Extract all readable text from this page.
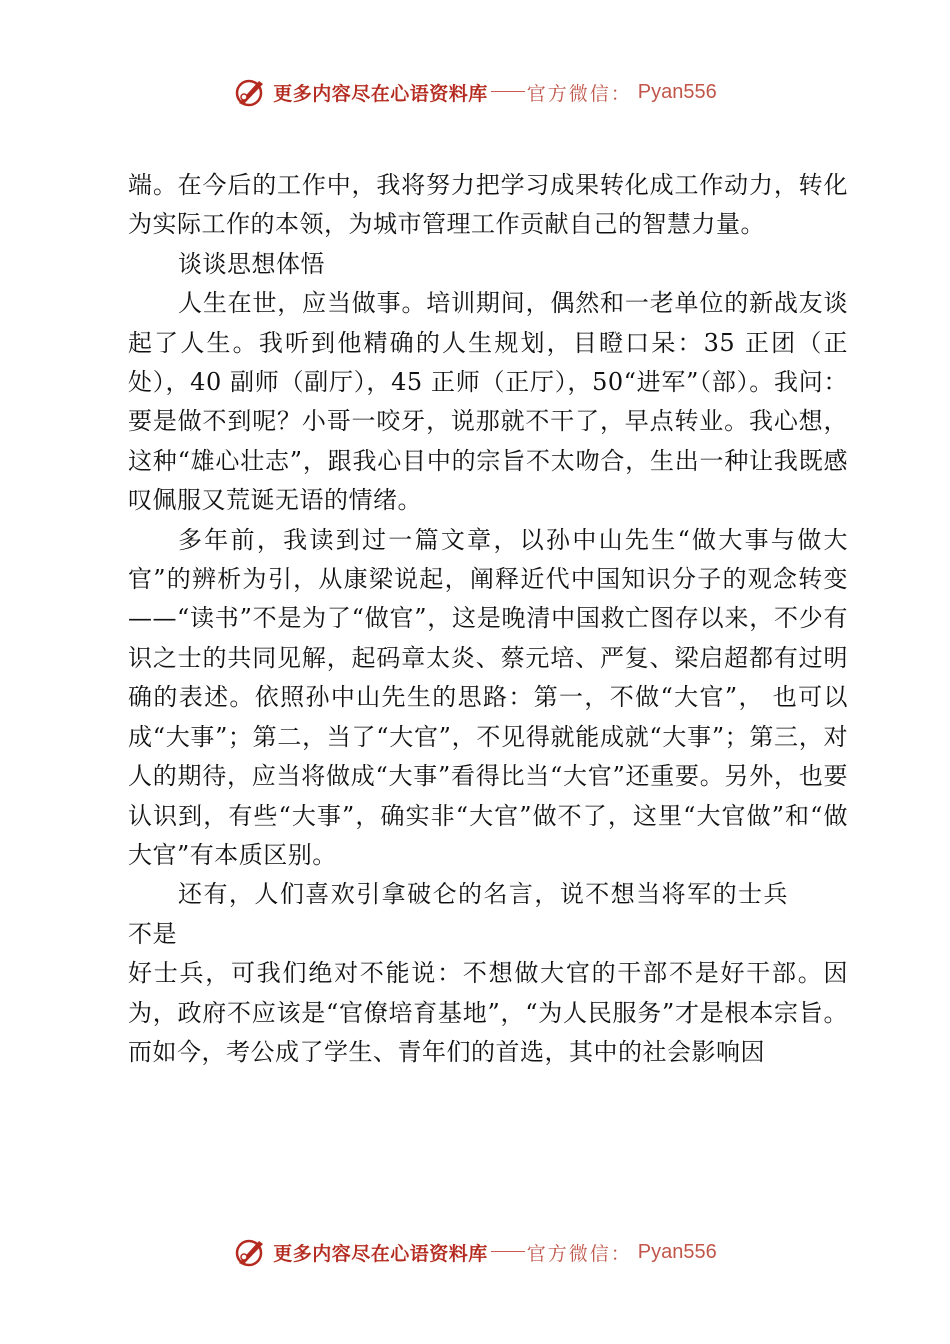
更多内容尽在心语资料库 官方微信： Pyan556

端。在今后的工作中，我将努力把学习成果转化成工作动力，转化为实际工作的本领，为城市管理工作贡献自己的智慧力量。

谈谈思想体悟

人生在世，应当做事。培训期间，偶然和一老单位的新战友谈起了人生。我听到他精确的人生规划，目瞪口呆：35 正团（正处），40 副师（副厅），45 正师（正厅），50“进军”（部）。我问：要是做不到呢？小哥一咬牙，说那就不干了，早点转业。我心想， 这种“雄心壮志”，跟我心目中的宗旨不太吻合，生出一种让我既感叹佩服又荒诞无语的情绪。

多年前，我读到过一篇文章，以孙中山先生“做大事与做大官”的辨析为引，从康梁说起，阐释近代中国知识分子的观念转变——“读书”不是为了“做官”，这是晚清中国救亡图存以来，不少有识之士的共同见解，起码章太炎、蔡元培、严复、梁启超都有过明确的表述。依照孙中山先生的思路：第一，不做“大官”， 也可以成“大事”；第二，当了“大官”，不见得就能成就“大事”；第三，对人的期待，应当将做成“大事”看得比当“大官”还重要。另外，也要认识到，有些“大事”，确实非“大官”做不了，这里“大官做”和“做大官”有本质区别。

还有，人们喜欢引拿破仑的名言，说不想当将军的士兵不是

好士兵，可我们绝对不能说：不想做大官的干部不是好干部。因为，政府不应该是“官僚培育基地”，“为人民服务”才是根本宗旨。而如今，考公成了学生、青年们的首选，其中的社会影响因

更多内容尽在心语资料库 官方微信： Pyan556
